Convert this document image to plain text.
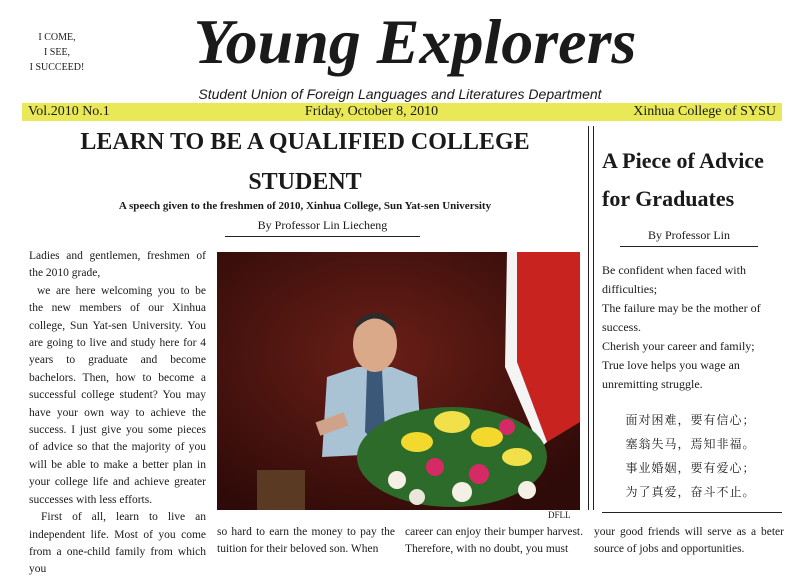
I COME,
I SEE,
I SUCCEED!	Young Explorers
Student Union of Foreign Languages and Literatures Department
Vol.2010 No.1	Friday, October 8, 2010	Xinhua College of SYSU
LEARN TO BE A QUALIFIED COLLEGE
STUDENT
A speech given to the freshmen of 2010, Xinhua College, Sun Yat-sen University
By Professor Lin Liecheng

Ladies and gentlemen, freshmen of the 2010 grade,

we are here welcoming you to be the new members of our Xinhua college, Sun Yat-sen University. You are going to live and study here for 4 years to graduate and become bachelors. Then, how to become a successful college student? You may have your own way to achieve the success. I just give you some pieces of advice so that the majority of you will be able to make a better plan in your college life and achieve greater successes with less efforts.

First of all, learn to live an independent life. Most of you come from a one-child family from which you

DFLL

so hard to earn the money to pay the tuition for their beloved son. When

career can enjoy their bumper harvest. Therefore, with no doubt, you must

A Piece of Advice
for Graduates
By Professor Lin

Be confident when faced with difficulties;

The failure may be the mother of success.

Cherish your career and family;

True love helps you wage an unremitting struggle.

面对困难，要有信心；
塞翁失马，焉知非福。
事业婚姻，要有爱心；
为了真爱，奋斗不止。

your good friends will serve as a beter source of jobs and opportunities.
